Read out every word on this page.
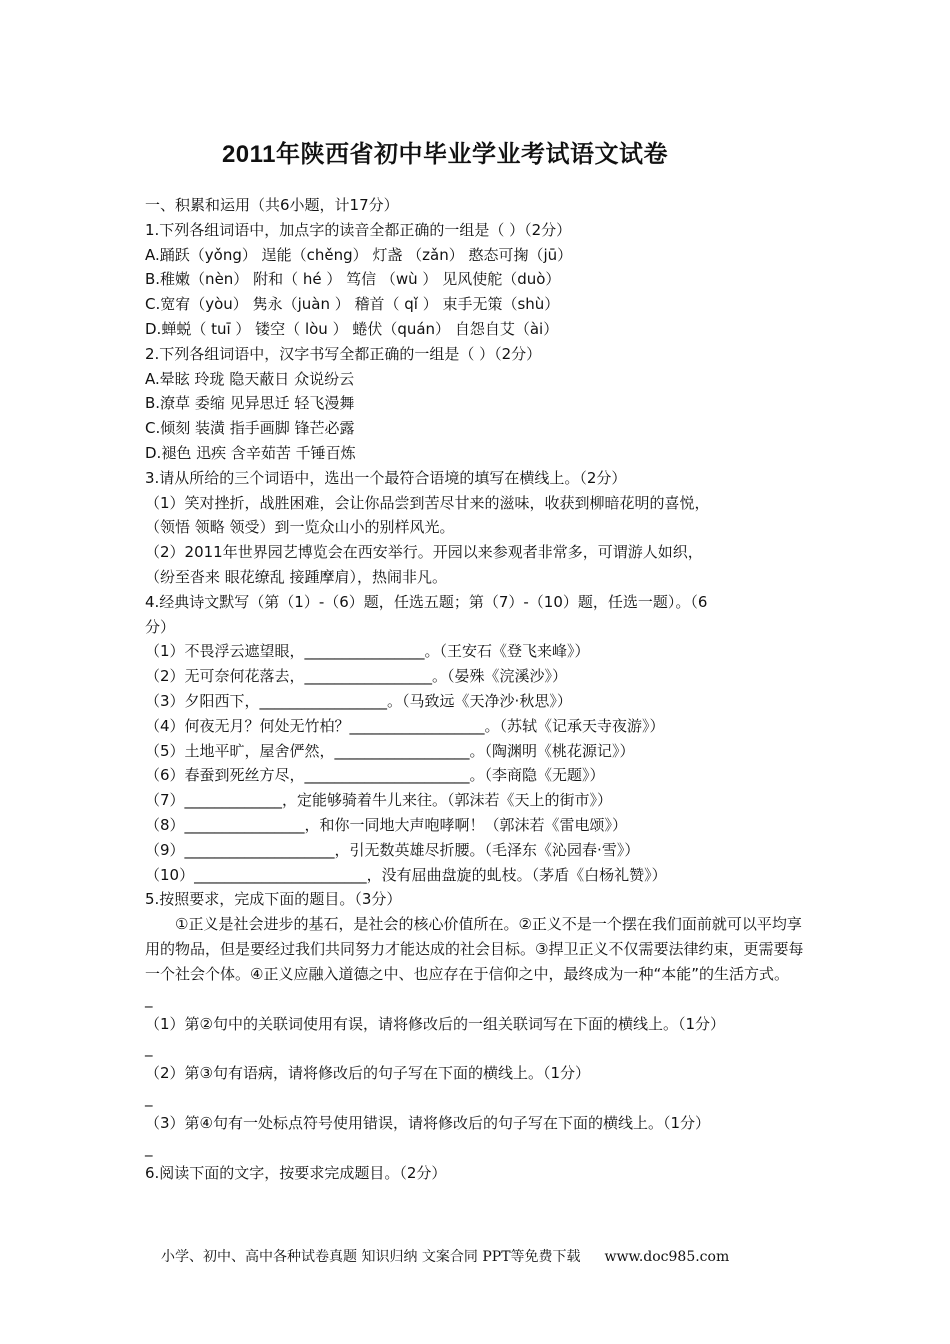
2011年陕西省初中毕业学业考试语文试卷
一、积累和运用（共6小题，计17分）
1.下列各组词语中，加点字的读音全都正确的一组是（ ）（2分）
A.踊跃（yǒng） 逞能（chěng） 灯盏 （zǎn） 憨态可掬（jū）
B.稚嫩（nèn） 附和（ hé ） 笃信 （wù ） 见风使舵（duò）
C.宽宥（yòu） 隽永（juàn ） 稽首（ qǐ ） 束手无策（shù）
D.蝉蜕（ tuī ） 镂空（ lòu ） 蜷伏（quán） 自怨自艾（ài）
2.下列各组词语中，汉字书写全都正确的一组是（ ）（2分）
A.晕眩 玲珑 隐天蔽日 众说纷云
B.潦草 委缩 见异思迁 轻飞漫舞
C.倾刻 装潢 指手画脚 锋芒必露
D.褪色 迅疾 含辛茹苦 千锤百炼
3.请从所给的三个词语中，选出一个最符合语境的填写在横线上。（2分）
（1）笑对挫折，战胜困难，会让你品尝到苦尽甘来的滋味，收获到柳暗花明的喜悦，
（领悟 领略 领受）到一览众山小的别样风光。
（2）2011年世界园艺博览会在西安举行。开园以来参观者非常多，可谓游人如织，
（纷至沓来 眼花缭乱 接踵摩肩），热闹非凡。
4.经典诗文默写（第（1）-（6）题，任选五题；第（7）-（10）题，任选一题）。（6
分）
（1）不畏浮云遮望眼，________________。（王安石《登飞来峰》）
（2）无可奈何花落去，_________________。（晏殊《浣溪沙》）
（3）夕阳西下，_________________。（马致远《天净沙·秋思》）
（4）何夜无月？何处无竹柏？__________________。（苏轼《记承天寺夜游》）
（5）土地平旷，屋舍俨然，__________________。（陶渊明《桃花源记》）
（6）春蚕到死丝方尽，______________________。（李商隐《无题》）
（7）_____________，定能够骑着牛儿来往。（郭沫若《天上的街市》）
（8）________________，和你一同地大声咆哮啊！（郭沫若《雷电颂》）
（9）____________________，引无数英雄尽折腰。（毛泽东《沁园春·雪》）
（10）_______________________，没有屈曲盘旋的虬枝。（茅盾《白杨礼赞》）
5.按照要求，完成下面的题目。（3分）
①正义是社会进步的基石，是社会的核心价值所在。②正义不是一个摆在我们面前就可以平均享用的物品，但是要经过我们共同努力才能达成的社会目标。③捍卫正义不仅需要法律约束，更需要每一个社会个体。④正义应融入道德之中、也应存在于信仰之中，最终成为一种“本能”的生活方式。
_
（1）第②句中的关联词使用有误，请将修改后的一组关联词写在下面的横线上。（1分）
_
（2）第③句有语病，请将修改后的句子写在下面的横线上。（1分）
_
（3）第④句有一处标点符号使用错误，请将修改后的句子写在下面的横线上。（1分）
_
6.阅读下面的文字，按要求完成题目。（2分）
小学、初中、高中各种试卷真题 知识归纳 文案合同 PPT等免费下载 www.doc985.com
